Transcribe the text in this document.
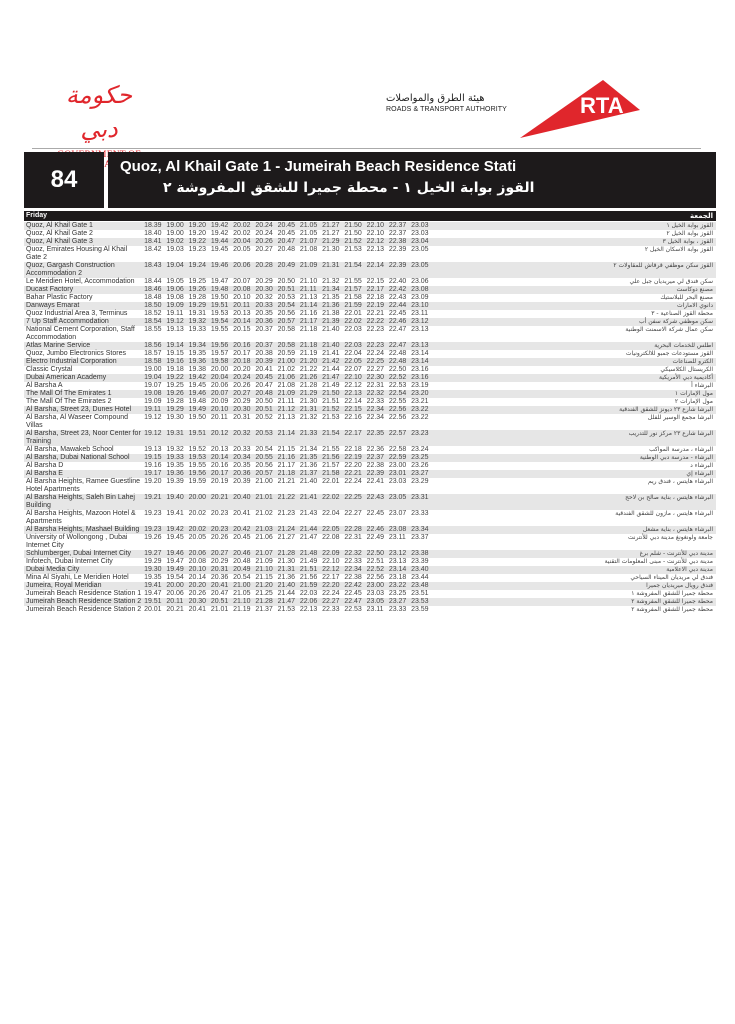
حكومة دبي
هيئة الطرق والمواصلات
ROADS & TRANSPORT AUTHORITY	RTA
84	Quoz, Al Khail Gate 1 - Jumeirah Beach Residence Stati
القوز بوابة الخيل ١ - محطة جميرا للشقق المفروشة ٢
Friday	الجمعة
Quoz, Al Khail Gate 1	18.39	19.00	19.20	19.42	20.02	20.24	20.45	21.05	21.27	21.50	22.10	22.37	23.03		القوز بوابة الخيل ١
Quoz, Al Khail Gate 2	18.40	19.00	19.20	19.42	20.02	20.24	20.45	21.05	21.27	21.50	22.10	22.37	23.03		القوز بوابة الخيل ٢
Quoz, Al Khail Gate 3	18.41	19.02	19.22	19.44	20.04	20.26	20.47	21.07	21.29	21.52	22.12	22.38	23.04		القوز ، بوابة الخيل ٣
Quoz, Emirates Housing Al Khail Gate 2	18.42	19.03	19.23	19.45	20.05	20.27	20.48	21.08	21.30	21.53	22.13	22.39	23.05		القوز بوابة الاسكان الخيل ٢
Quoz, Gargash Construction Accommodation 2	18.43	19.04	19.24	19.46	20.06	20.28	20.49	21.09	21.31	21.54	22.14	22.39	23.05		القوز سكن موظفي قرقاش للمقاولات ٢
Le Meridien Hotel, Accommodation	18.44	19.05	19.25	19.47	20.07	20.29	20.50	21.10	21.32	21.55	22.15	22.40	23.06		سكن فندق لي ميريديان جبل علي
Ducast Factory	18.46	19.06	19.26	19.48	20.08	20.30	20.51	21.11	21.34	21.57	22.17	22.42	23.08		مصنع دوكاست
Bahar Plastic Factory	18.48	19.08	19.28	19.50	20.10	20.32	20.53	21.13	21.35	21.58	22.18	22.43	23.09		مصنع البحر للبلاستيك
Danways Emarat	18.50	19.09	19.29	19.51	20.11	20.33	20.54	21.14	21.36	21.59	22.19	22.44	23.10		دانوي الامارات
Quoz Industrial Area 3, Terminus	18.52	19.11	19.31	19.53	20.13	20.35	20.56	21.16	21.38	22.01	22.21	22.45	23.11		محطة القوز الصناعية - ٣
7 Up Staff Accommodation	18.54	19.12	19.32	19.54	20.14	20.36	20.57	21.17	21.39	22.02	22.22	22.46	23.12		سكن موظفي شركة سفن أب
National Cement Corporation, Staff Accommodation	18.55	19.13	19.33	19.55	20.15	20.37	20.58	21.18	21.40	22.03	22.23	22.47	23.13		سكن عمال شركة الاسمنت الوطنية
Atlas Marine Service	18.56	19.14	19.34	19.56	20.16	20.37	20.58	21.18	21.40	22.03	22.23	22.47	23.13		اطلس للخدمات البحرية
Quoz, Jumbo Electronics Stores	18.57	19.15	19.35	19.57	20.17	20.38	20.59	21.19	21.41	22.04	22.24	22.48	23.14		القوز مستودعات جمبو للالكترونيات
Electro Industrial Corporation	18.58	19.16	19.36	19.58	20.18	20.39	21.00	21.20	21.42	22.05	22.25	22.48	23.14		الكترو للصناعات
Classic Crystal	19.00	19.18	19.38	20.00	20.20	20.41	21.02	21.22	21.44	22.07	22.27	22.50	23.16		الكريستال الكلاسيكي
Dubai American Academy	19.04	19.22	19.42	20.04	20.24	20.45	21.06	21.26	21.47	22.10	22.30	22.52	23.16		أكاديمية دبي الأمريكية
Al Barsha A	19.07	19.25	19.45	20.06	20.26	20.47	21.08	21.28	21.49	22.12	22.31	22.53	23.19		البرشاء أ
The Mall Of The Emirates 1	19.08	19.26	19.46	20.07	20.27	20.48	21.09	21.29	21.50	22.13	22.32	22.54	23.20		مول الإمارات ١
The Mall Of The Emirates 2	19.09	19.28	19.48	20.09	20.29	20.50	21.11	21.30	21.51	22.14	22.33	22.55	23.21		مول الإمارات ٢
Al Barsha, Street 23, Dunes Hotel	19.11	19.29	19.49	20.10	20.30	20.51	21.12	21.31	21.52	22.15	22.34	22.56	23.22		البرشا شارع ٢٣ ديونز للشقق الفندقية
Al Barsha, Al Waseer Compound Villas	19.12	19.30	19.50	20.11	20.31	20.52	21.13	21.32	21.53	22.16	22.34	22.56	23.22		البرشا مجمع الوسير للفلل
Al Barsha, Street 23, Noor Center for Training	19.12	19.31	19.51	20.12	20.32	20.53	21.14	21.33	21.54	22.17	22.35	22.57	23.23		البرشا شارع ٢٣ مركز نور للتدريب
Al Barsha, Mawakeb School	19.13	19.32	19.52	20.13	20.33	20.54	21.15	21.34	21.55	22.18	22.36	22.58	23.24		البرشاء ، مدرسة المواكب
Al Barsha, Dubai National School	19.15	19.33	19.53	20.14	20.34	20.55	21.16	21.35	21.56	22.19	22.37	22.59	23.25		البرشاء - مدرسة دبي الوطنية
Al Barsha D	19.16	19.35	19.55	20.16	20.35	20.56	21.17	21.36	21.57	22.20	22.38	23.00	23.26		البرشاء د
Al Barsha E	19.17	19.36	19.56	20.17	20.36	20.57	21.18	21.37	21.58	22.21	22.39	23.01	23.27		البرشاء إي
Al Barsha Heights, Ramee Guestline Hotel Apartments	19.20	19.39	19.59	20.19	20.39	21.00	21.21	21.40	22.01	22.24	22.41	23.03	23.29		البرشاء هايتس ، فندق ريم
Al Barsha Heights, Saleh Bin Lahej Building	19.21	19.40	20.00	20.21	20.40	21.01	21.22	21.41	22.02	22.25	22.43	23.05	23.31		البرشاء هايتس ، بناية صالح بن لاحج
Al Barsha Heights, Mazoon Hotel & Apartments	19.23	19.41	20.02	20.23	20.41	21.02	21.23	21.43	22.04	22.27	22.45	23.07	23.33		البرشاء هايتس ، مازون للشقق الفندقية
Al Barsha Heights, Mashael Building	19.23	19.42	20.02	20.23	20.42	21.03	21.24	21.44	22.05	22.28	22.46	23.08	23.34		البرشاء هايتس ، بناية مشعل
University of Wollongong , Dubai Internet City	19.26	19.45	20.05	20.26	20.45	21.06	21.27	21.47	22.08	22.31	22.49	23.11	23.37		جامعة ولونغونغ مدينة دبي للأنترنت
Schlumberger, Dubai Internet City	19.27	19.46	20.06	20.27	20.46	21.07	21.28	21.48	22.09	22.32	22.50	23.12	23.38		مدينة دبي للأنترنت - شلم برغ
Infotech, Dubai Internet City	19.29	19.47	20.08	20.29	20.48	21.09	21.30	21.49	22.10	22.33	22.51	23.13	23.39		مدينة دبي للأنترنت - مبنى المعلومات التقنية
Dubai Media City	19.30	19.49	20.10	20.31	20.49	21.10	21.31	21.51	22.12	22.34	22.52	23.14	23.40		مدينة دبي الاعلامية
Mina Al Siyahi, Le Meridien Hotel	19.35	19.54	20.14	20.36	20.54	21.15	21.36	21.56	22.17	22.38	22.56	23.18	23.44		فندق لي مريديان الميناء السياحي
Jumeira, Royal Meridian	19.41	20.00	20.20	20.41	21.00	21.20	21.40	21.59	22.20	22.42	23.00	23.22	23.48		فندق رويال ميريديان جميرا
Jumeirah Beach Residence Station 1	19.47	20.06	20.26	20.47	21.05	21.25	21.44	22.03	22.24	22.45	23.03	23.25	23.51		محطة جميرا للشقق المفروشة ١
Jumeirah Beach Residence Station 2	19.51	20.11	20.30	20.51	21.10	21.28	21.47	22.06	22.27	22.47	23.05	23.27	23.53		محطة جميرا للشقق المفروشة ٢
Jumeirah Beach Residence Station 2	20.01	20.21	20.41	21.01	21.19	21.37	21.53	22.13	22.33	22.53	23.11	23.33	23.59		محطة جميرا للشقق المفروشة ٢
